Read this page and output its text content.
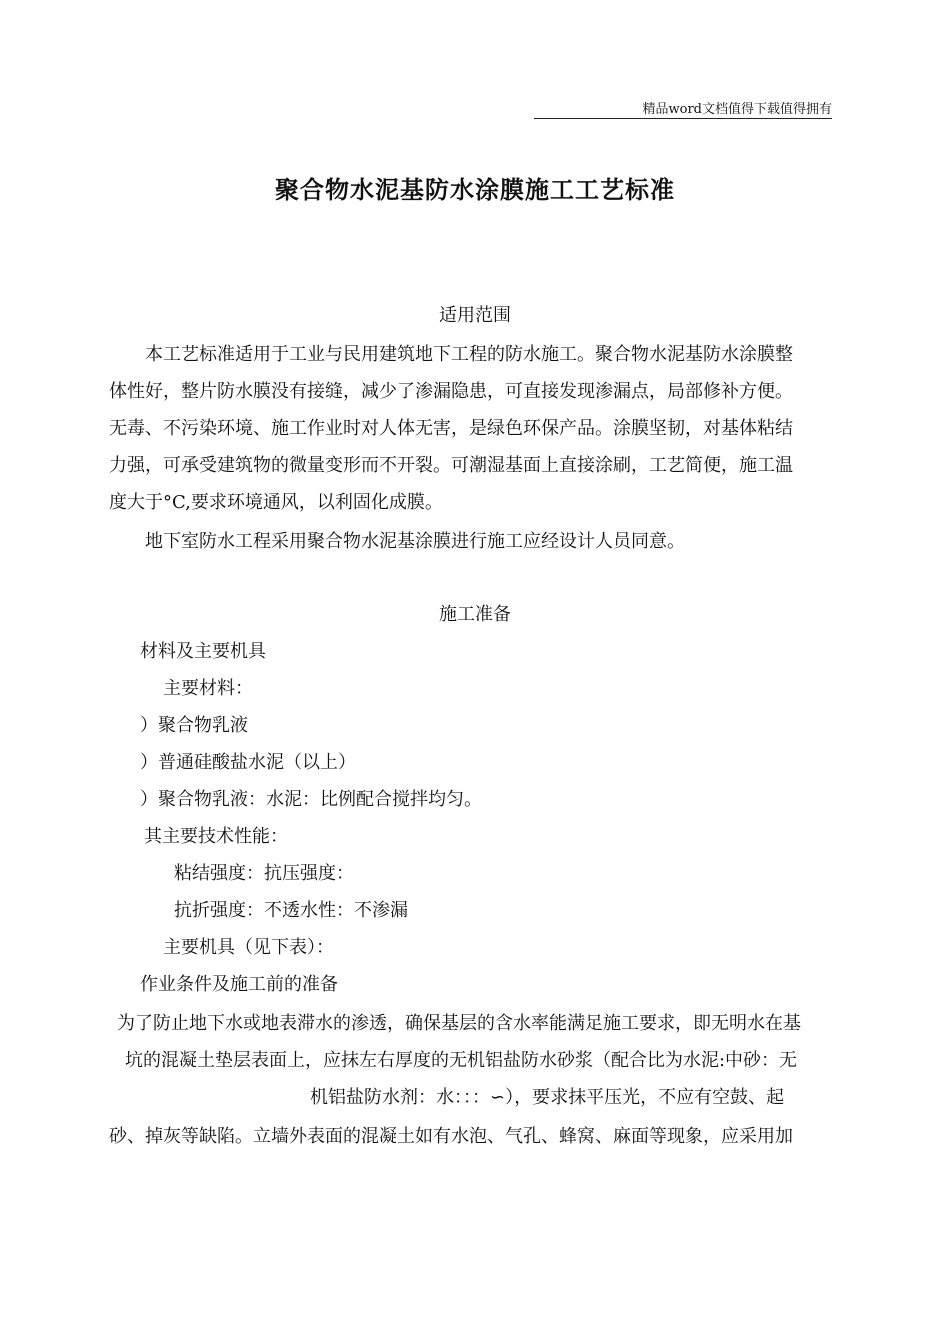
精品word文档值得下载值得拥有
聚合物水泥基防水涂膜施工工艺标准
适用范围
本工艺标准适用于工业与民用建筑地下工程的防水施工。聚合物水泥基防水涂膜整
体性好，整片防水膜没有接缝，减少了渗漏隐患，可直接发现渗漏点，局部修补方便。
无毒、不污染环境、施工作业时对人体无害，是绿色环保产品。涂膜坚韧，对基体粘结
力强，可承受建筑物的微量变形而不开裂。可潮湿基面上直接涂刷，工艺简便，施工温
度大于°C,要求环境通风，以利固化成膜。
地下室防水工程采用聚合物水泥基涂膜进行施工应经设计人员同意。
施工准备
材料及主要机具
主要材料：
）聚合物乳液
）普通硅酸盐水泥（以上）
）聚合物乳液：水泥：比例配合搅拌均匀。
其主要技术性能：
粘结强度：抗压强度：
抗折强度：不透水性：不渗漏
主要机具（见下表）：
作业条件及施工前的准备
为了防止地下水或地表滞水的渗透，确保基层的含水率能满足施工要求，即无明水在基
坑的混凝土垫层表面上，应抹左右厚度的无机铝盐防水砂浆（配合比为水泥:中砂：无
机铝盐防水剂：水：：：∽），要求抹平压光，不应有空鼓、起
砂、掉灰等缺陷。立墙外表面的混凝土如有水泡、气孔、蜂窝、麻面等现象，应采用加
